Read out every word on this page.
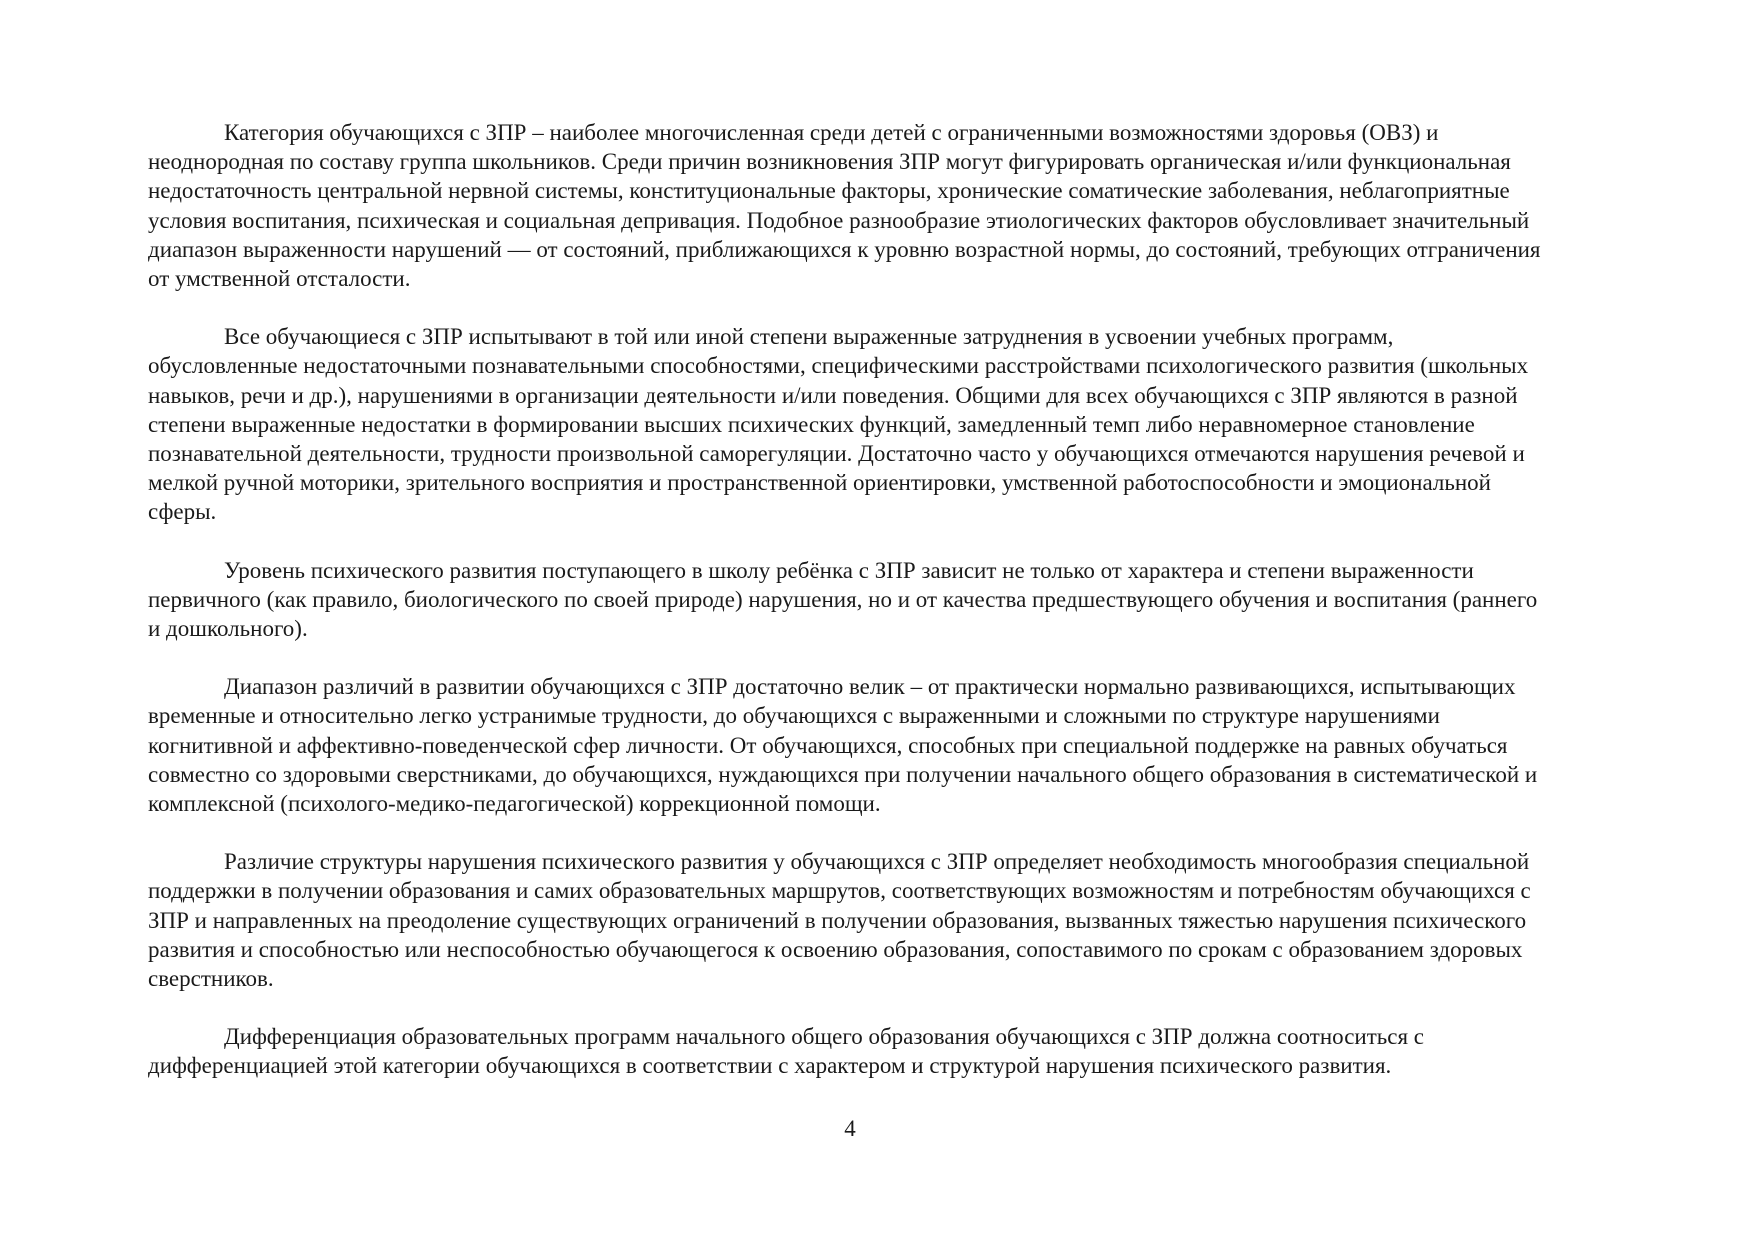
Категория обучающихся с ЗПР – наиболее многочисленная среди детей с ограниченными возможностями здоровья (ОВЗ) и неоднородная по составу группа школьников. Среди причин возникновения ЗПР могут фигурировать органическая и/или функциональная недостаточность центральной нервной системы, конституциональные факторы, хронические соматические заболевания, неблагоприятные условия воспитания, психическая и социальная депривация. Подобное разнообразие этиологических факторов обусловливает значительный диапазон выраженности нарушений — от состояний, приближающихся к уровню возрастной нормы, до состояний, требующих отграничения от умственной отсталости.

Все обучающиеся с ЗПР испытывают в той или иной степени выраженные затруднения в усвоении учебных программ, обусловленные недостаточными познавательными способностями, специфическими расстройствами психологического развития (школьных навыков, речи и др.), нарушениями в организации деятельности и/или поведения. Общими для всех обучающихся с ЗПР являются в разной степени выраженные недостатки в формировании высших психических функций, замедленный темп либо неравномерное становление познавательной деятельности, трудности произвольной саморегуляции. Достаточно часто у обучающихся отмечаются нарушения речевой и мелкой ручной моторики, зрительного восприятия и пространственной ориентировки, умственной работоспособности и эмоциональной сферы.

Уровень психического развития поступающего в школу ребёнка с ЗПР зависит не только от характера и степени выраженности первичного (как правило, биологического по своей природе) нарушения, но и от качества предшествующего обучения и воспитания (раннего и дошкольного).

Диапазон различий в развитии обучающихся с ЗПР достаточно велик – от практически нормально развивающихся, испытывающих временные и относительно легко устранимые трудности, до обучающихся с выраженными и сложными по структуре нарушениями когнитивной и аффективно-поведенческой сфер личности. От обучающихся, способных при специальной поддержке на равных обучаться совместно со здоровыми сверстниками, до обучающихся, нуждающихся при получении начального общего образования в систематической и комплексной (психолого-медико-педагогической) коррекционной помощи.

Различие структуры нарушения психического развития у обучающихся с ЗПР определяет необходимость многообразия специальной поддержки в получении образования и самих образовательных маршрутов, соответствующих возможностям и потребностям обучающихся с ЗПР и направленных на преодоление существующих ограничений в получении образования, вызванных тяжестью нарушения психического развития и способностью или неспособностью обучающегося к освоению образования, сопоставимого по срокам с образованием здоровых сверстников.

Дифференциация образовательных программ начального общего образования обучающихся с ЗПР должна соотноситься с дифференциацией этой категории обучающихся в соответствии с характером и структурой нарушения психического развития.

4
